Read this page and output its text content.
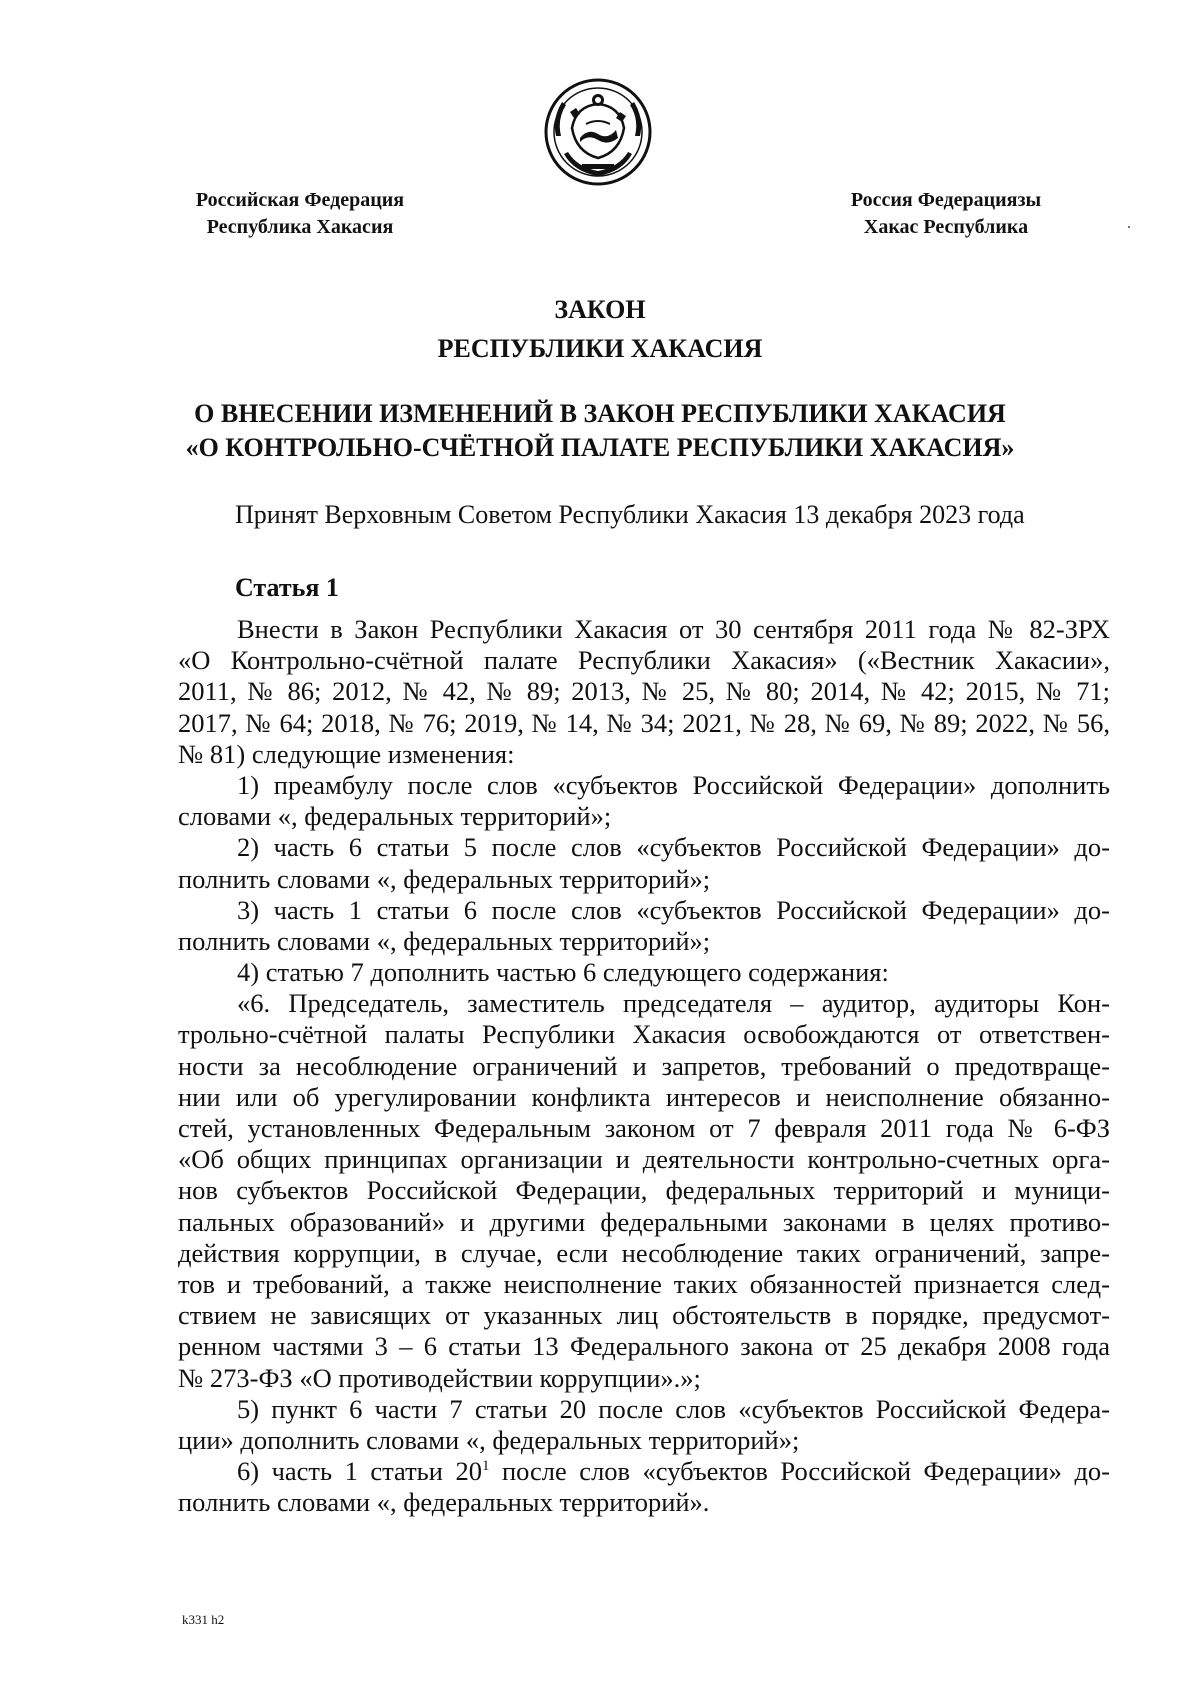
Российская Федерация
Республика Хакасия
Россия Федерациязы
Хакас Республика
ЗАКОН
РЕСПУБЛИКИ ХАКАСИЯ
О ВНЕСЕНИИ ИЗМЕНЕНИЙ В ЗАКОН РЕСПУБЛИКИ ХАКАСИЯ
«О КОНТРОЛЬНО-СЧЁТНОЙ ПАЛАТЕ РЕСПУБЛИКИ ХАКАСИЯ»
Принят Верховным Советом Республики Хакасия 13 декабря 2023 года
Статья 1
Внести в Закон Республики Хакасия от 30 сентября 2011 года № 82-ЗРХ
«О Контрольно-счётной палате Республики Хакасия» («Вестник Хакасии»,
2011, № 86; 2012, № 42, № 89; 2013, № 25, № 80; 2014, № 42; 2015, № 71;
2017, № 64; 2018, № 76; 2019, № 14, № 34; 2021, № 28, № 69, № 89; 2022, № 56,
№ 81) следующие изменения:
1) преамбулу после слов «субъектов Российской Федерации» дополнить
словами «, федеральных территорий»;
2) часть 6 статьи 5 после слов «субъектов Российской Федерации» до-
полнить словами «, федеральных территорий»;
3) часть 1 статьи 6 после слов «субъектов Российской Федерации» до-
полнить словами «, федеральных территорий»;
4) статью 7 дополнить частью 6 следующего содержания:
«6. Председатель, заместитель председателя – аудитор, аудиторы Кон-
трольно-счётной палаты Республики Хакасия освобождаются от ответствен-
ности за несоблюдение ограничений и запретов, требований о предотвраще-
нии или об урегулировании конфликта интересов и неисполнение обязанно-
стей, установленных Федеральным законом от 7 февраля 2011 года № 6-ФЗ
«Об общих принципах организации и деятельности контрольно-счетных орга-
нов субъектов Российской Федерации, федеральных территорий и муници-
пальных образований» и другими федеральными законами в целях противо-
действия коррупции, в случае, если несоблюдение таких ограничений, запре-
тов и требований, а также неисполнение таких обязанностей признается след-
ствием не зависящих от указанных лиц обстоятельств в порядке, предусмот-
ренном частями 3 – 6 статьи 13 Федерального закона от 25 декабря 2008 года
№ 273-ФЗ «О противодействии коррупции».»;
5) пункт 6 части 7 статьи 20 после слов «субъектов Российской Федера-
ции» дополнить словами «, федеральных территорий»;
6) часть 1 статьи $20^1$ после слов «субъектов Российской Федерации» до-
полнить словами «, федеральных территорий».
k331 h2
